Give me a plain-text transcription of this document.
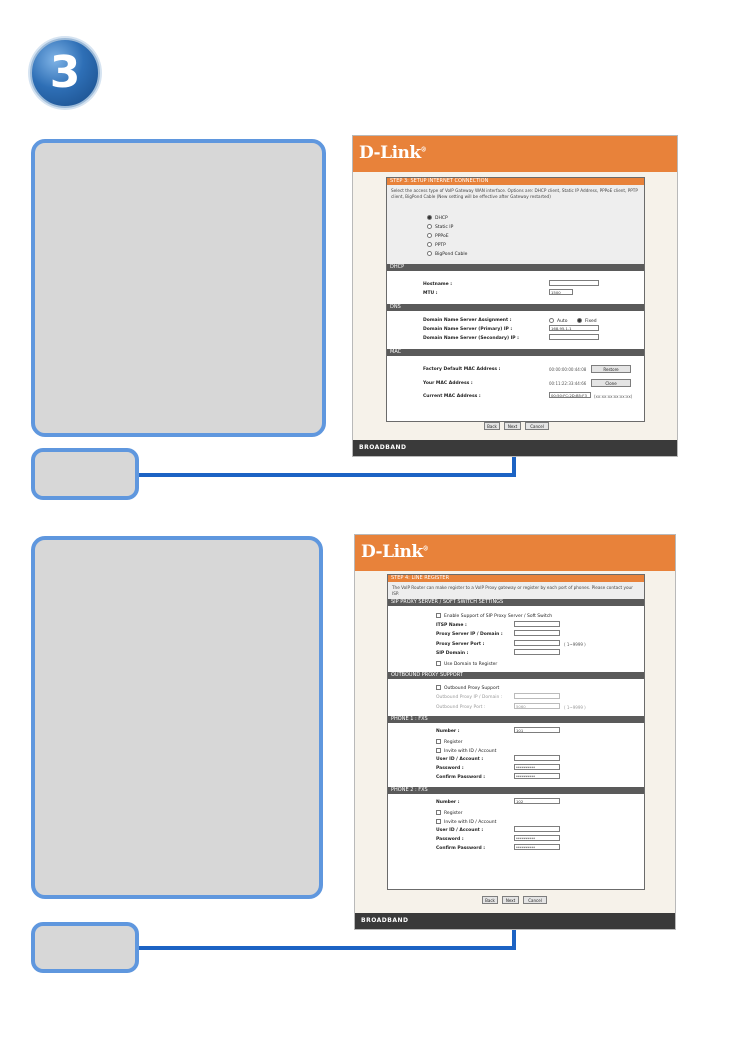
3
D-Link®
STEP 3: SETUP INTERNET CONNECTION
Select the access type of VoIP Gateway WAN interface. Options are: DHCP client, Static IP Address, PPPoE client, PPTP client, BigPond Cable (New setting will be effective after Gateway restarted)
DHCP
Static IP
PPPoE
PPTP
BigPond Cable
DHCP
Hostname :
MTU :	1500
DNS
Domain Name Server Assignment :	Auto	Fixed
Domain Name Server (Primary) IP :	168.95.1.1
Domain Name Server (Secondary) IP :
MAC
Factory Default MAC Address :	00:00:00:00:44:08	Restore
Your MAC Address :	00:11:22:33:44:66	Clone
Current MAC Address :	00:50:FC:2D:B5:F3	(xx:xx:xx:xx:xx:xx)
Back	Next	Cancel
BROADBAND
D-Link®
STEP 4: LINE REGISTER
The VoIP Router can make register to a VoIP Proxy gateway or register by each port of phones. Please contact your ISP.
SIP PROXY SERVER / SOFT SWITCH SETTINGS
Enable Support of SIP Proxy Server / Soft Switch
ITSP Name :
Proxy Server IP / Domain :
Proxy Server Port :	( 1~9999 )
SIP Domain :
Use Domain to Register
OUTBOUND PROXY SUPPORT
Outbound Proxy Support
Outbound Proxy IP / Domain :
Outbound Proxy Port :	5060	( 1~9999 )
PHONE 1 : FXS
Number :	101
Register
Invite with ID / Account
User ID / Account :
Password :	**********
Confirm Password :	**********
PHONE 2 : FXS
Number :	102
Register
Invite with ID / Account
User ID / Account :
Password :	**********
Confirm Password :	**********
Back	Next	Cancel
BROADBAND
